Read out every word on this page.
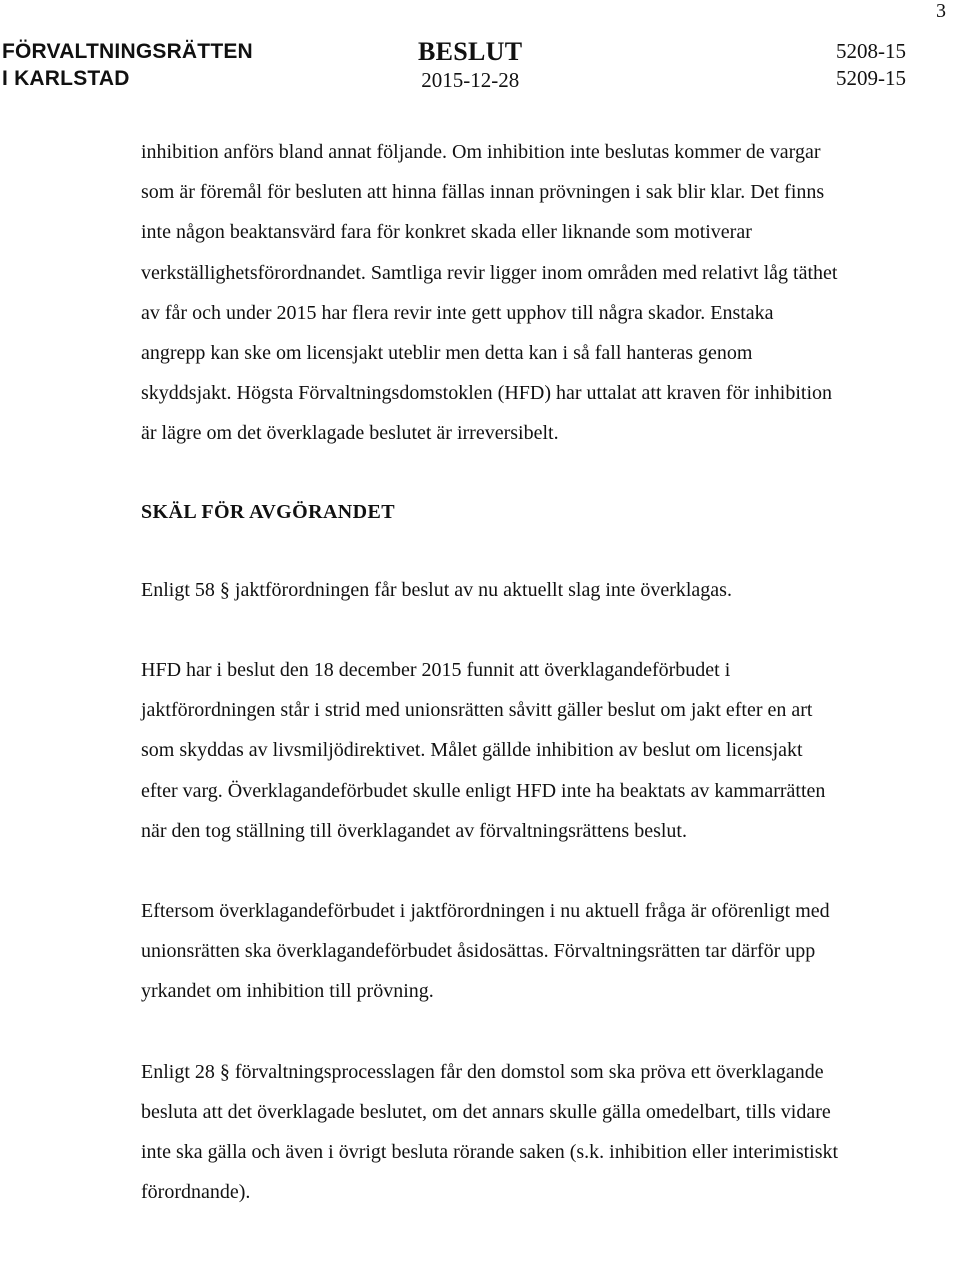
3
FÖRVALTNINGSRÄTTEN
I KARLSTAD
BESLUT
2015-12-28
5208-15
5209-15

inhibition anförs bland annat följande. Om inhibition inte beslutas kommer de vargar som är föremål för besluten att hinna fällas innan prövningen i sak blir klar. Det finns inte någon beaktansvärd fara för konkret skada eller liknande som motiverar verkställighetsförordnandet. Samtliga revir ligger inom områden med relativt låg täthet av får och under 2015 har flera revir inte gett upphov till några skador. Enstaka angrepp kan ske om licensjakt uteblir men detta kan i så fall hanteras genom skyddsjakt. Högsta Förvaltningsdomstoklen (HFD) har uttalat att kraven för inhibition är lägre om det överklagade beslutet är irreversibelt.

SKÄL FÖR AVGÖRANDET

Enligt 58 § jaktförordningen får beslut av nu aktuellt slag inte överklagas.

HFD har i beslut den 18 december 2015 funnit att överklagandeförbudet i jaktförordningen står i strid med unionsrätten såvitt gäller beslut om jakt efter en art som skyddas av livsmiljödirektivet. Målet gällde inhibition av beslut om licensjakt efter varg. Överklagandeförbudet skulle enligt HFD inte ha beaktats av kammarrätten när den tog ställning till överklagandet av förvaltningsrättens beslut.

Eftersom överklagandeförbudet i jaktförordningen i nu aktuell fråga är oförenligt med unionsrätten ska överklagandeförbudet åsidosättas. Förvaltningsrätten tar därför upp yrkandet om inhibition till prövning.

Enligt 28 § förvaltningsprocesslagen får den domstol som ska pröva ett överklagande besluta att det överklagade beslutet, om det annars skulle gälla omedelbart, tills vidare inte ska gälla och även i övrigt besluta rörande saken (s.k. inhibition eller interimistiskt förordnande).
